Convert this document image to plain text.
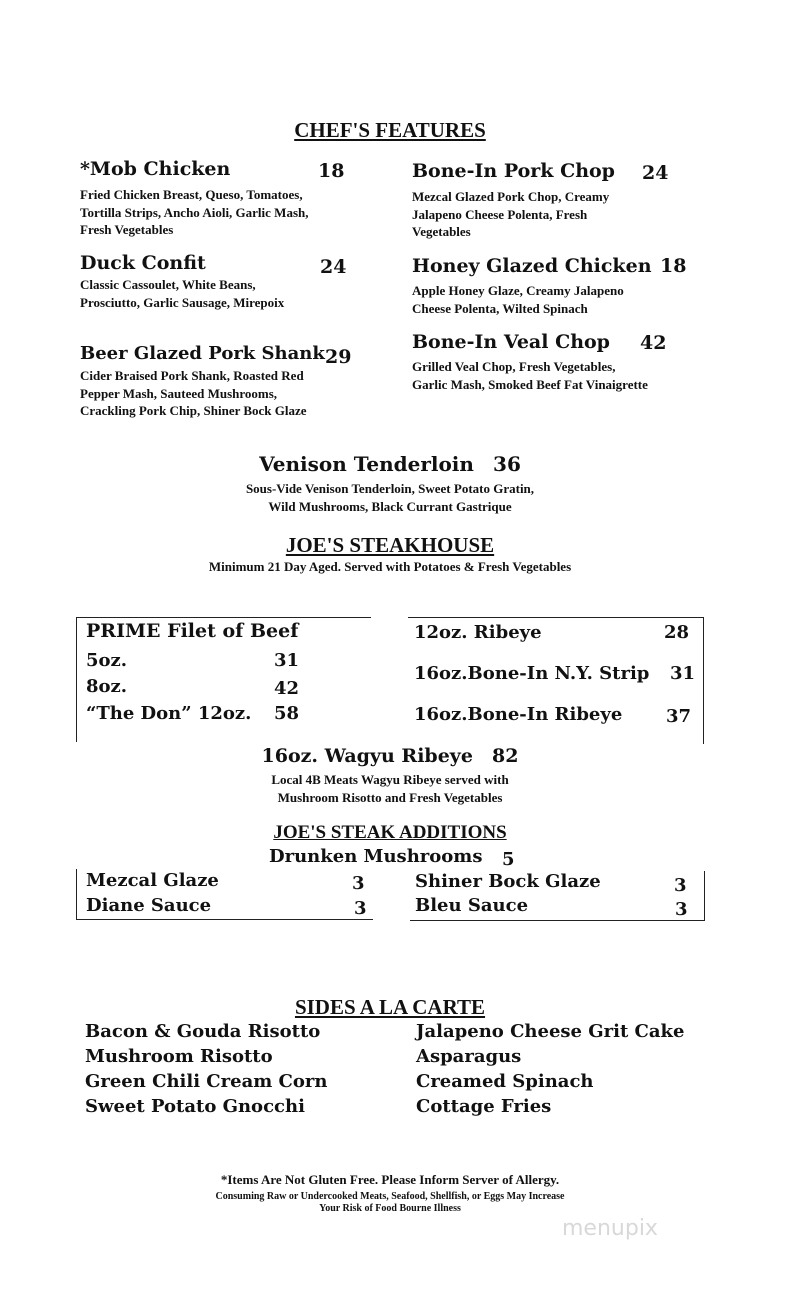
CHEF'S FEATURES
*Mob Chicken	18
Fried Chicken Breast, Queso, Tomatoes,
Tortilla Strips, Ancho Aioli, Garlic Mash,
Fresh Vegetables
Duck Confit	24
Classic Cassoulet, White Beans,
Prosciutto, Garlic Sausage, Mirepoix
Beer Glazed Pork Shank 29
Cider Braised Pork Shank, Roasted Red
Pepper Mash, Sauteed Mushrooms,
Crackling Pork Chip, Shiner Bock Glaze
Bone-In Pork Chop 24
Mezcal Glazed Pork Chop, Creamy
Jalapeno Cheese Polenta, Fresh
Vegetables
Honey Glazed Chicken 18
Apple Honey Glaze, Creamy Jalapeno
Cheese Polenta, Wilted Spinach
Bone-In Veal Chop 42
Grilled Veal Chop, Fresh Vegetables,
Garlic Mash, Smoked Beef Fat Vinaigrette
Venison Tenderloin 36
Sous-Vide Venison Tenderloin, Sweet Potato Gratin,
Wild Mushrooms, Black Currant Gastrique
JOE'S STEAKHOUSE
Minimum 21 Day Aged. Served with Potatoes & Fresh Vegetables
PRIME Filet of Beef
5oz.	31
8oz.	42
“The Don” 12oz. 58
12oz. Ribeye	28
16oz.Bone-In N.Y. Strip 31
16oz.Bone-In Ribeye 37
16oz. Wagyu Ribeye 82
Local 4B Meats Wagyu Ribeye served with
Mushroom Risotto and Fresh Vegetables
JOE'S STEAK ADDITIONS
Drunken Mushrooms 5
Mezcal Glaze	3
Diane Sauce	3
Shiner Bock Glaze	3
Bleu Sauce	3
SIDES A LA CARTE
Bacon & Gouda Risotto
Mushroom Risotto
Green Chili Cream Corn
Sweet Potato Gnocchi
Jalapeno Cheese Grit Cake
Asparagus
Creamed Spinach
Cottage Fries
*Items Are Not Gluten Free. Please Inform Server of Allergy.
Consuming Raw or Undercooked Meats, Seafood, Shellfish, or Eggs May Increase
Your Risk of Food Bourne Illness
menupix
